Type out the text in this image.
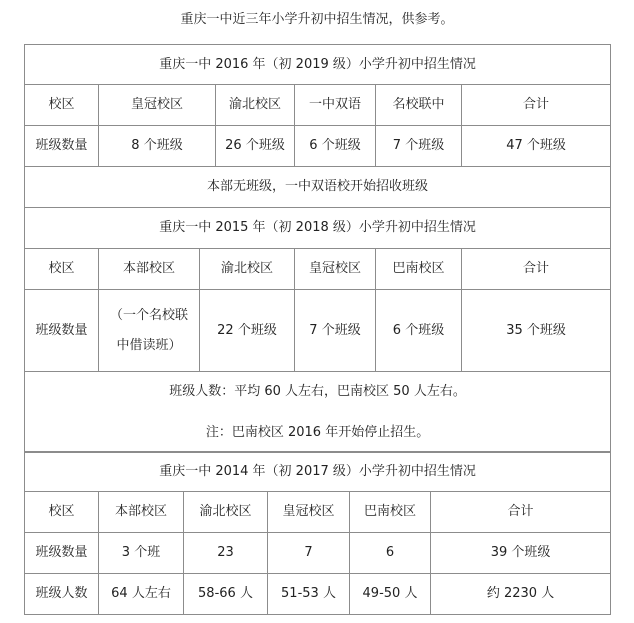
重庆一中近三年小学升初中招生情况，供参考。
重庆一中 2016 年（初 2019 级）小学升初中招生情况					
校区	皇冠校区	渝北校区	一中双语	名校联中	合计
班级数量	8 个班级	26 个班级	6 个班级	7 个班级	47 个班级
本部无班级，一中双语校开始招收班级					
重庆一中 2015 年（初 2018 级）小学升初中招生情况					
校区	本部校区	渝北校区	皇冠校区	巴南校区	合计
班级数量	（一个名校联中借读班）	22 个班级	7 个班级	6 个班级	35 个班级

班级人数：平均 60 人左右，巴南校区 50 人左右。
注：巴南校区 2016 年开始停止招生。					
重庆一中 2014 年（初 2017 级）小学升初中招生情况					
校区	本部校区	渝北校区	皇冠校区	巴南校区	合计
班级数量	3 个班	23	7	6	39 个班级
班级人数	64 人左右	58-66 人	51-53 人	49-50 人	约 2230 人
